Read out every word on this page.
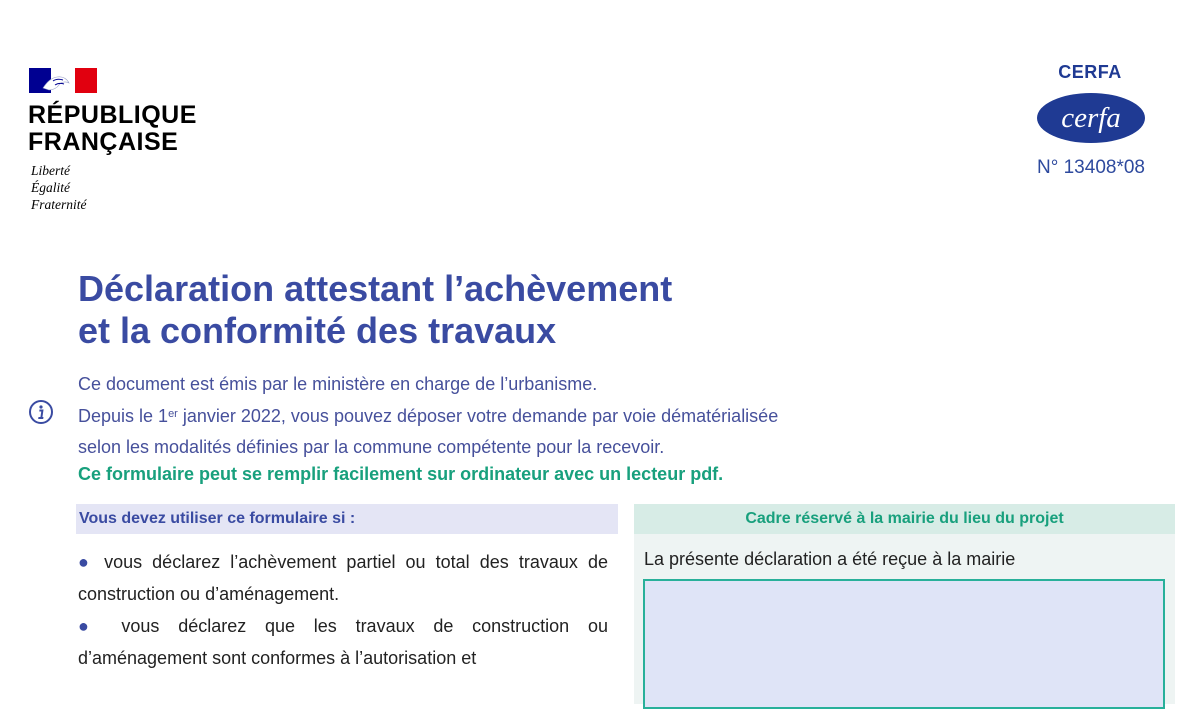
RÉPUBLIQUE
FRANÇAISE
Liberté
Égalité
Fraternité
CERFA
cerfa
N° 13408*08
Déclaration attestant l’achèvement
et la conformité des travaux
Ce document est émis par le ministère en charge de l’urbanisme.
Depuis le 1er janvier 2022, vous pouvez déposer votre demande par voie dématérialisée
selon les modalités définies par la commune compétente pour la recevoir.
Ce formulaire peut se remplir facilement sur ordinateur avec un lecteur pdf.
Vous devez utiliser ce formulaire si :

● vous déclarez l’achèvement partiel ou total des travaux de construction ou d’aménagement.

● vous déclarez que les travaux de construction ou d’aménagement sont conformes à l’autorisation et

Cadre réservé à la mairie du lieu du projet
La présente déclaration a été reçue à la mairie
